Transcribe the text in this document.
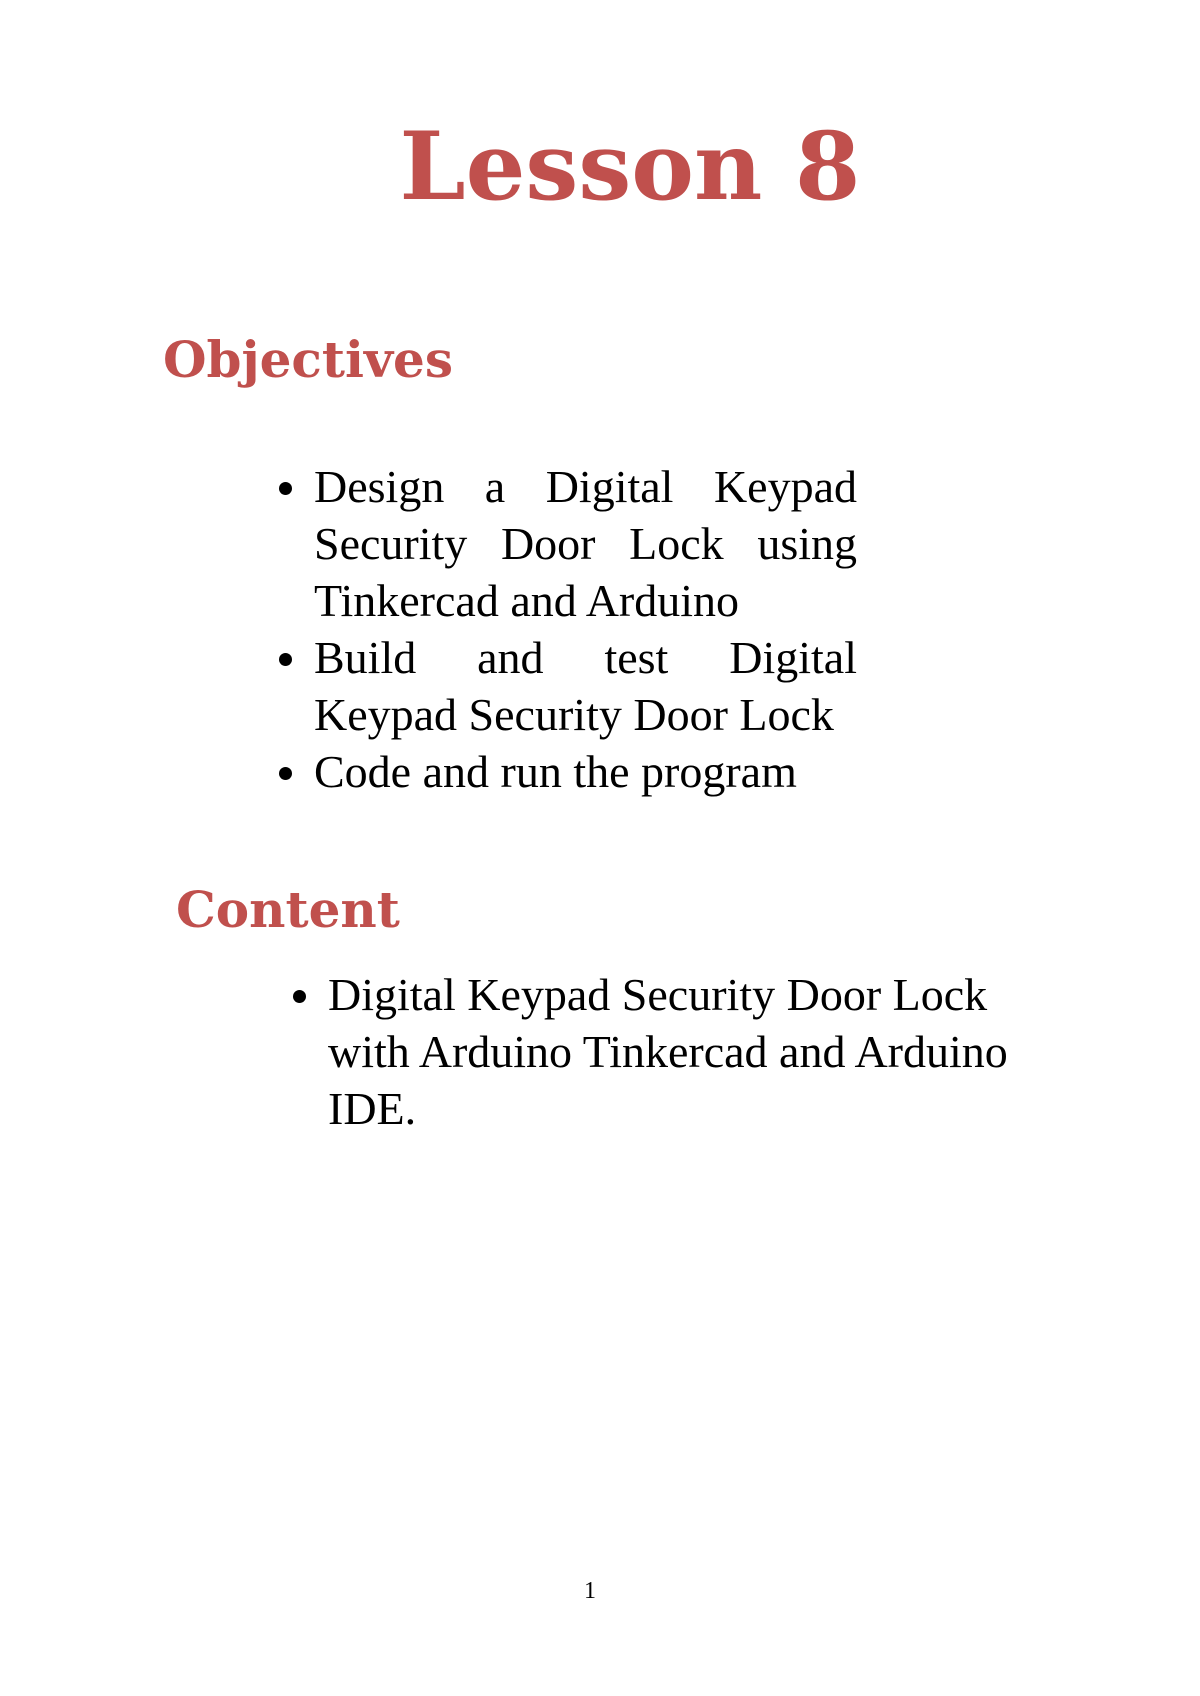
Lesson 8
Objectives
Design a Digital Keypad Security Door Lock using Tinkercad and Arduino
Build and test Digital Keypad Security Door Lock
Code and run the program
Content
Digital Keypad Security Door Lock with Arduino Tinkercad and Arduino IDE.

1
